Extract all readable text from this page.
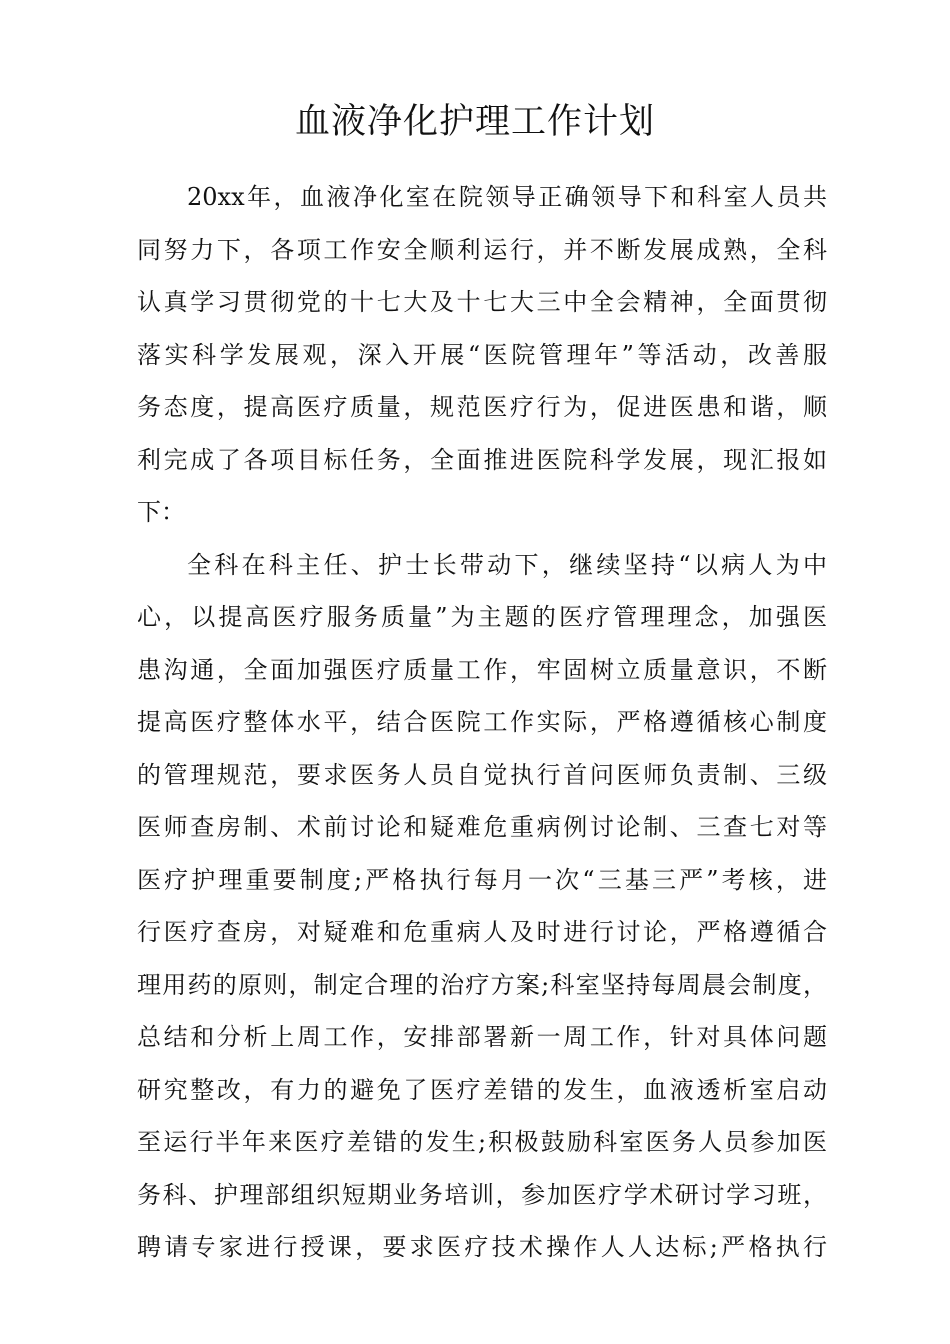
血液净化护理工作计划
20xx年，血液净化室在院领导正确领导下和科室人员共
同努力下，各项工作安全顺利运行，并不断发展成熟，全科
认真学习贯彻党的十七大及十七大三中全会精神，全面贯彻
落实科学发展观，深入开展“医院管理年”等活动，改善服
务态度，提高医疗质量，规范医疗行为，促进医患和谐，顺
利完成了各项目标任务，全面推进医院科学发展，现汇报如
下：
全科在科主任、护士长带动下，继续坚持“以病人为中
心，以提高医疗服务质量”为主题的医疗管理理念，加强医
患沟通，全面加强医疗质量工作，牢固树立质量意识，不断
提高医疗整体水平，结合医院工作实际，严格遵循核心制度
的管理规范，要求医务人员自觉执行首问医师负责制、三级
医师查房制、术前讨论和疑难危重病例讨论制、三查七对等
医疗护理重要制度;严格执行每月一次“三基三严”考核，进
行医疗查房，对疑难和危重病人及时进行讨论，严格遵循合
理用药的原则，制定合理的治疗方案;科室坚持每周晨会制度，
总结和分析上周工作，安排部署新一周工作，针对具体问题
研究整改，有力的避免了医疗差错的发生，血液透析室启动
至运行半年来医疗差错的发生;积极鼓励科室医务人员参加医
务科、护理部组织短期业务培训，参加医疗学术研讨学习班，
聘请专家进行授课，要求医疗技术操作人人达标;严格执行
